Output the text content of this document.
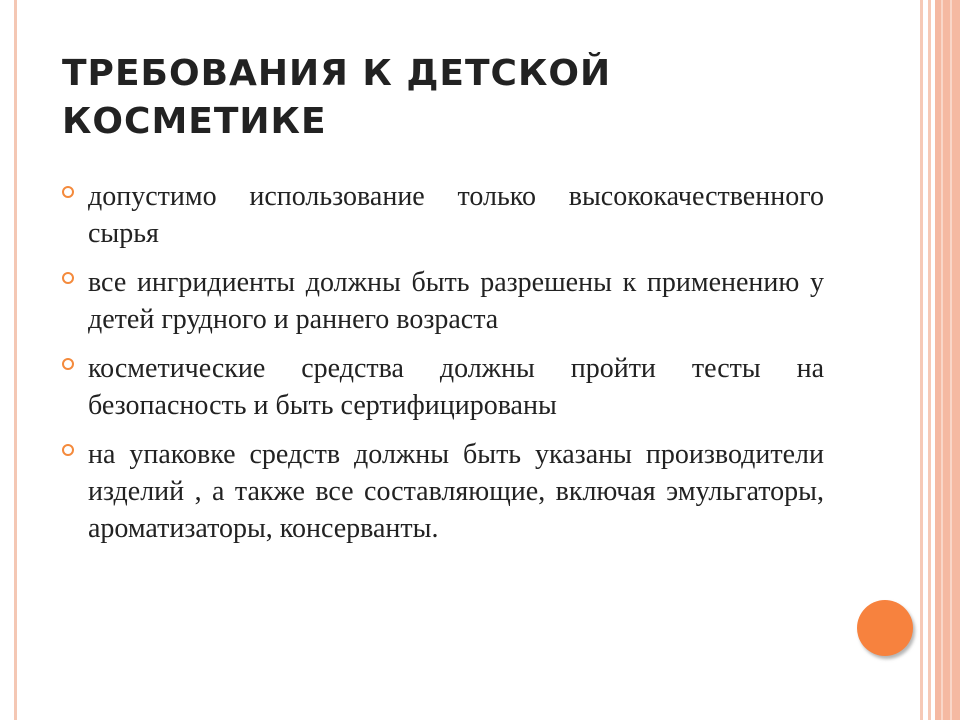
ТРЕБОВАНИЯ К ДЕТСКОЙ КОСМЕТИКЕ
допустимо использование только высококачественного сырья
все ингридиенты должны быть разрешены к применению у детей грудного и раннего возраста
косметические средства должны пройти тесты на безопасность и быть сертифицированы
на упаковке средств должны быть указаны производители изделий , а также все составляющие, включая эмульгаторы, ароматизаторы, консерванты.
